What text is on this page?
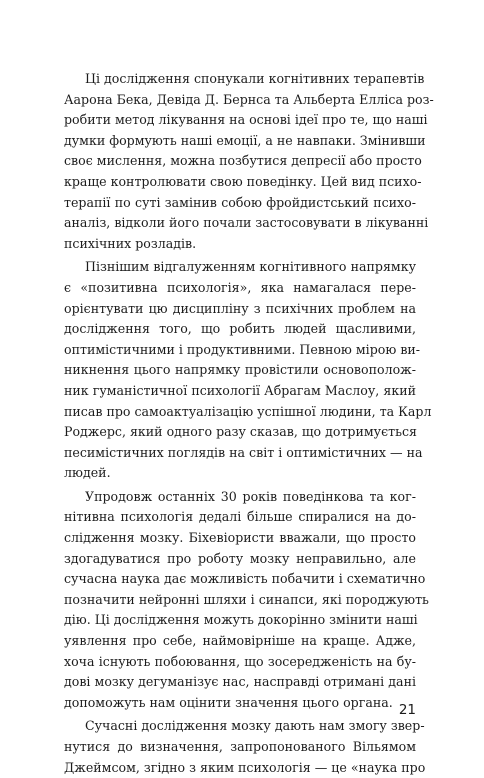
Ці дослідження спонукали когнітивних терапевтів
Аарона Бека, Девіда Д. Бернса та Альберта Елліса роз-
робити метод лікування на основі ідеї про те, що наші
думки формують наші емоції, а не навпаки. Змінивши
своє мислення, можна позбутися депресії або просто
краще контролювати свою поведінку. Цей вид психо-
терапії по суті замінив собою фройдистський психо-
аналіз, відколи його почали застосовувати в лікуванні
психічних розладів.
Пізнішим відгалуженням когнітивного напрямку
є «позитивна психологія», яка намагалася пере-
орієнтувати цю дисципліну з психічних проблем на
дослідження того, що робить людей щасливими,
оптимістичними і продуктивними. Певною мірою ви-
никнення цього напрямку провістили основополож-
ник гуманістичної психології Абрагам Маслоу, який
писав про самоактуалізацію успішної людини, та Карл
Роджерс, який одного разу сказав, що дотримується
песимістичних поглядів на світ і оптимістичних — на
людей.
Упродовж останніх 30 років поведінкова та ког-
нітивна психологія дедалі більше спиралися на до-
слідження мозку. Біхевіористи вважали, що просто
здогадуватися про роботу мозку неправильно, але
сучасна наука дає можливість побачити і схематично
позначити нейронні шляхи і синапси, які породжують
дію. Ці дослідження можуть докорінно змінити наші
уявлення про себе, наймовірніше на краще. Адже,
хоча існують побоювання, що зосередженість на бу-
дові мозку дегуманізує нас, насправді отримані дані
допоможуть нам оцінити значення цього органа.
Сучасні дослідження мозку дають нам змогу звер-
нутися до визначення, запропонованого Вільямом
Джеймсом, згідно з яким психологія — це «наука про
21
